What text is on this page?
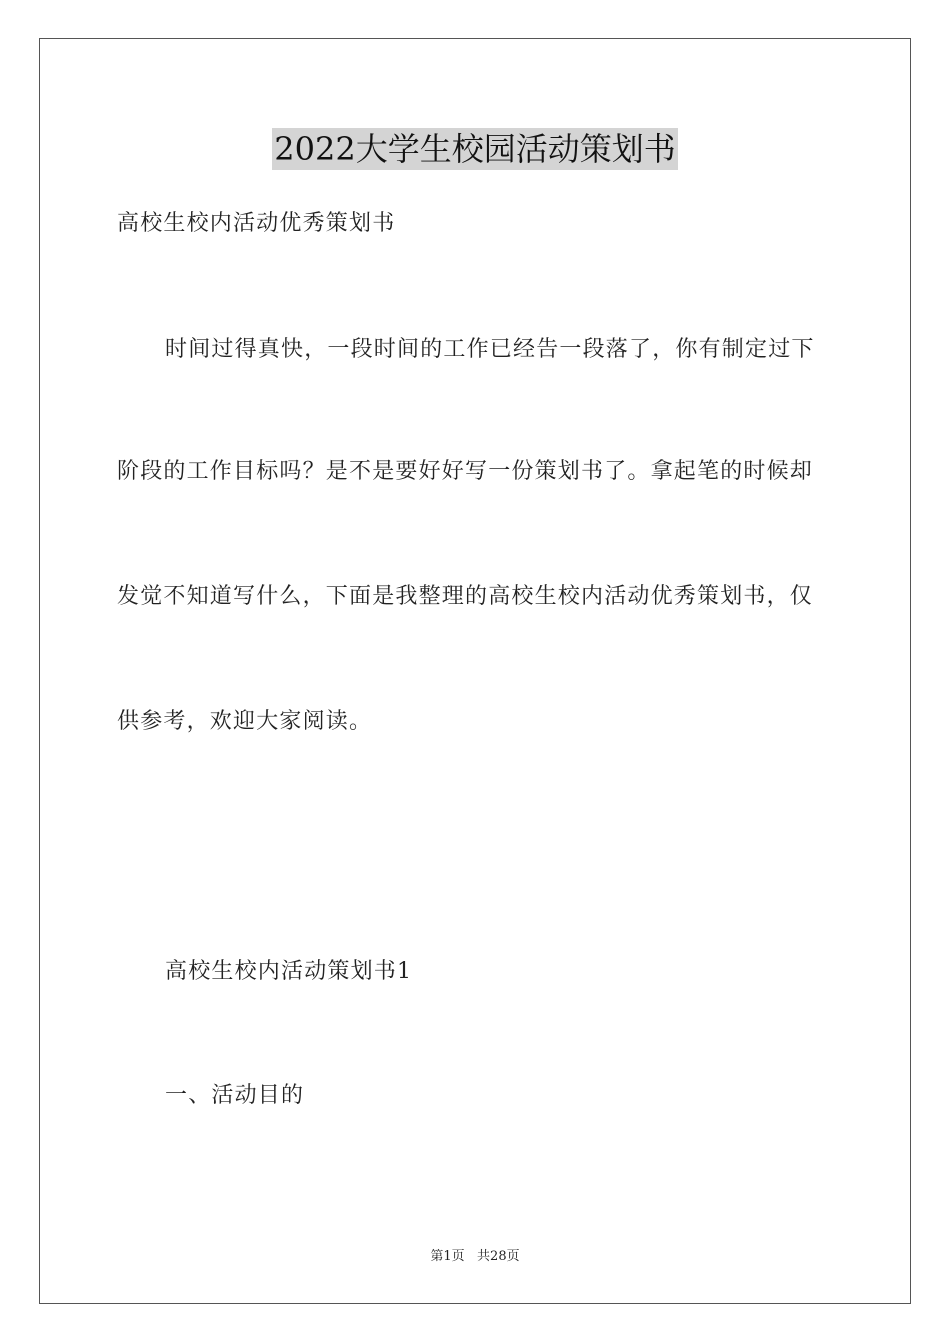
2022大学生校园活动策划书
高校生校内活动优秀策划书
时间过得真快，一段时间的工作已经告一段落了，你有制定过下
阶段的工作目标吗？是不是要好好写一份策划书了。拿起笔的时候却
发觉不知道写什么，下面是我整理的高校生校内活动优秀策划书，仅
供参考，欢迎大家阅读。
高校生校内活动策划书1
一、活动目的
第1页   共28页
